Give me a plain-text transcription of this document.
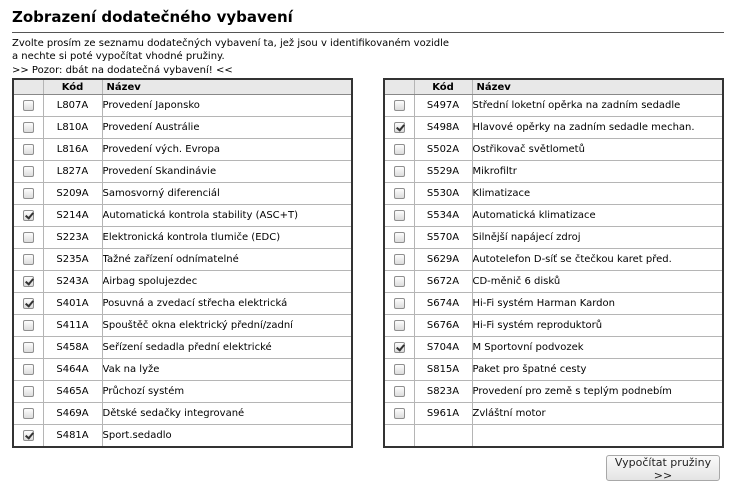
Zobrazení dodatečného vybavení
Zvolte prosím ze seznamu dodatečných vybavení ta, jež jsou v identifikovaném vozidle
a nechte si poté vypočítat vhodné pružiny.
>> Pozor: dbát na dodatečná vybavení! <<
	Kód	Název
	L807A	Provedení Japonsko
	L810A	Provedení Austrálie
	L816A	Provedení vých. Evropa
	L827A	Provedení Skandinávie
	S209A	Samosvorný diferenciál
	S214A	Automatická kontrola stability (ASC+T)
	S223A	Elektronická kontrola tlumiče (EDC)
	S235A	Tažné zařízení odnímatelné
	S243A	Airbag spolujezdec
	S401A	Posuvná a zvedací střecha elektrická
	S411A	Spouštěč okna elektrický přední/zadní
	S458A	Seřízení sedadla přední elektrické
	S464A	Vak na lyže
	S465A	Průchozí systém
	S469A	Dětské sedačky integrované
	S481A	Sport.sedadlo
	Kód	Název
	S497A	Střední loketní opěrka na zadním sedadle
	S498A	Hlavové opěrky na zadním sedadle mechan.
	S502A	Ostřikovač světlometů
	S529A	Mikrofiltr
	S530A	Klimatizace
	S534A	Automatická klimatizace
	S570A	Silnější napájecí zdroj
	S629A	Autotelefon D-síť se čtečkou karet před.
	S672A	CD-měnič 6 disků
	S674A	Hi-Fi systém Harman Kardon
	S676A	Hi-Fi systém reproduktorů
	S704A	M Sportovní podvozek
	S815A	Paket pro špatné cesty
	S823A	Provedení pro země s teplým podnebím
	S961A	Zvláštní motor

Vypočítat pružiny >>
